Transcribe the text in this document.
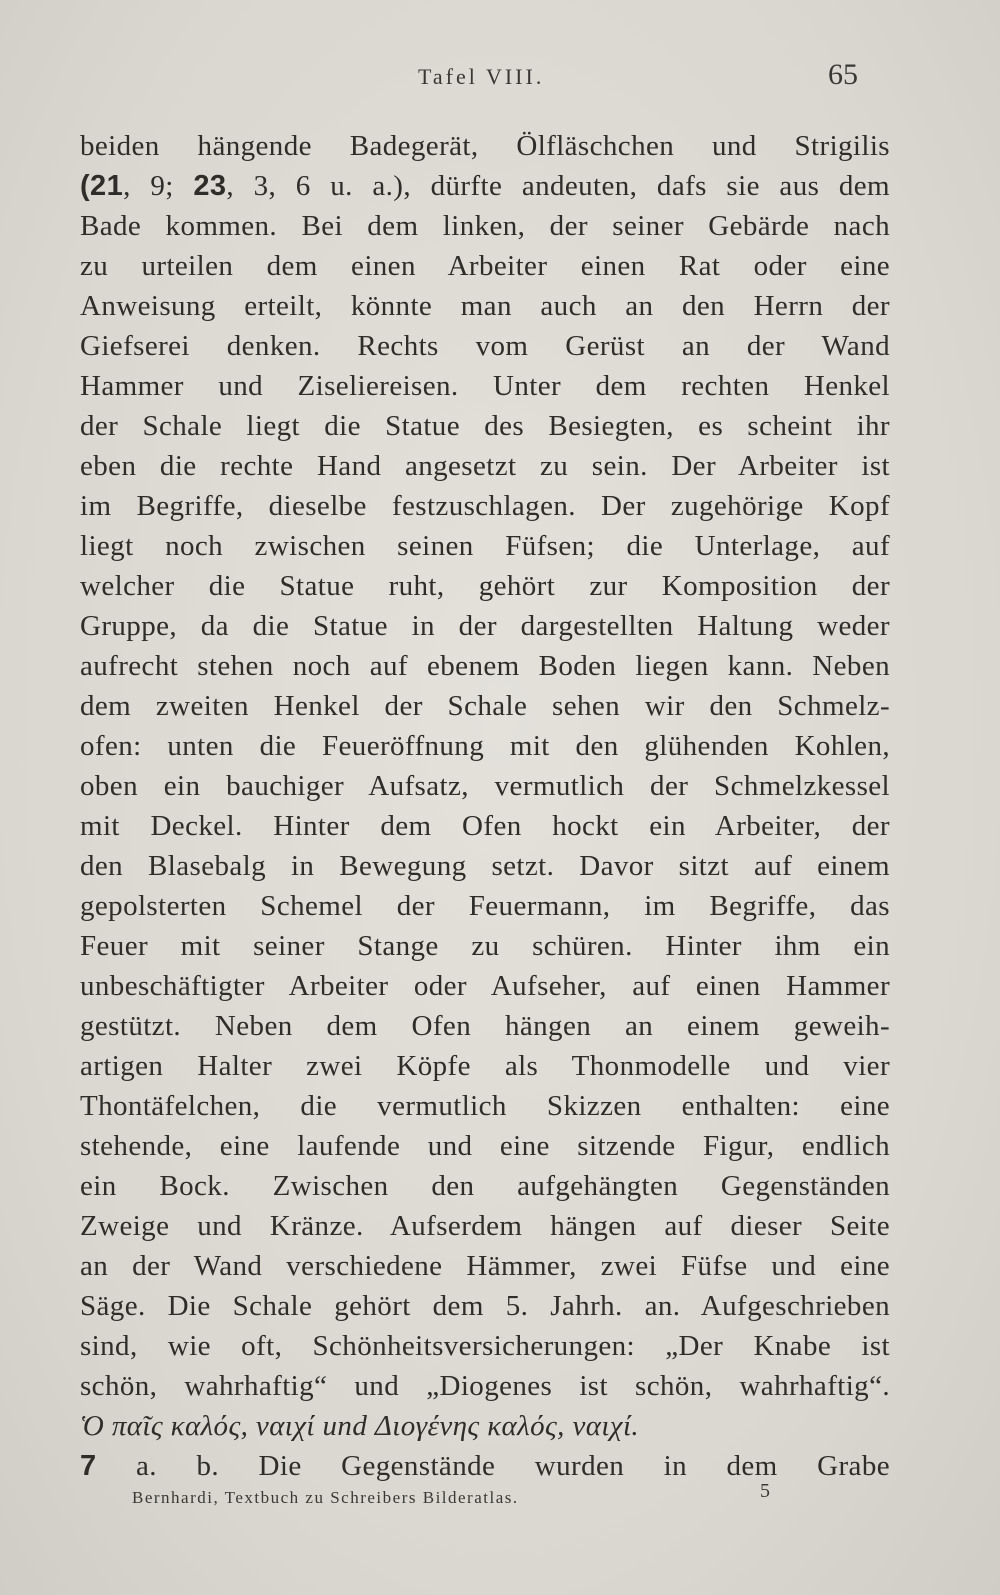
Tafel VIII.	65
beiden hängende Badegerät, Ölfläschchen und Strigilis
(21, 9; 23, 3, 6 u. a.), dürfte andeuten, dafs sie aus dem
Bade kommen. Bei dem linken, der seiner Gebärde nach
zu urteilen dem einen Arbeiter einen Rat oder eine
Anweisung erteilt, könnte man auch an den Herrn der
Giefserei denken. Rechts vom Gerüst an der Wand
Hammer und Ziseliereisen. Unter dem rechten Henkel
der Schale liegt die Statue des Besiegten, es scheint ihr
eben die rechte Hand angesetzt zu sein. Der Arbeiter ist
im Begriffe, dieselbe festzuschlagen. Der zugehörige Kopf
liegt noch zwischen seinen Füfsen; die Unterlage, auf
welcher die Statue ruht, gehört zur Komposition der
Gruppe, da die Statue in der dargestellten Haltung weder
aufrecht stehen noch auf ebenem Boden liegen kann. Neben
dem zweiten Henkel der Schale sehen wir den Schmelz-
ofen: unten die Feueröffnung mit den glühenden Kohlen,
oben ein bauchiger Aufsatz, vermutlich der Schmelzkessel
mit Deckel. Hinter dem Ofen hockt ein Arbeiter, der
den Blasebalg in Bewegung setzt. Davor sitzt auf einem
gepolsterten Schemel der Feuermann, im Begriffe, das
Feuer mit seiner Stange zu schüren. Hinter ihm ein
unbeschäftigter Arbeiter oder Aufseher, auf einen Hammer
gestützt. Neben dem Ofen hängen an einem geweih-
artigen Halter zwei Köpfe als Thonmodelle und vier
Thontäfelchen, die vermutlich Skizzen enthalten: eine
stehende, eine laufende und eine sitzende Figur, endlich
ein Bock. Zwischen den aufgehängten Gegenständen
Zweige und Kränze. Aufserdem hängen auf dieser Seite
an der Wand verschiedene Hämmer, zwei Füfse und eine
Säge. Die Schale gehört dem 5. Jahrh. an. Aufgeschrieben
sind, wie oft, Schönheitsversicherungen: „Der Knabe ist
schön, wahrhaftig“ und „Diogenes ist schön, wahrhaftig“.
Ὁ παῖς καλός, ναιχί und Διογένης καλός, ναιχί.
7 a. b. Die Gegenstände wurden in dem Grabe
Bernhardi, Textbuch zu Schreibers Bilderatlas.	5
